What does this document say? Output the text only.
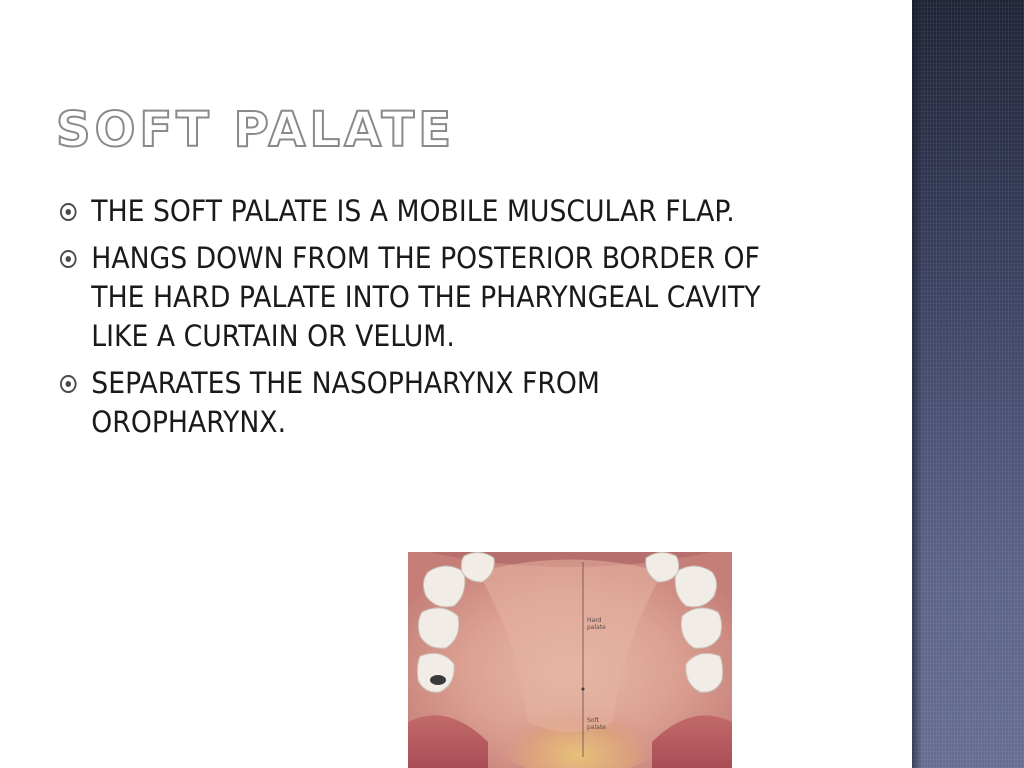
SOFT PALATE
THE SOFT PALATE IS A MOBILE MUSCULAR FLAP.
HANGS DOWN FROM THE POSTERIOR BORDER OF THE HARD PALATE INTO THE PHARYNGEAL CAVITY LIKE A CURTAIN OR VELUM.
SEPARATES THE NASOPHARYNX FROM OROPHARYNX.
Hard
palate
Soft
palate
